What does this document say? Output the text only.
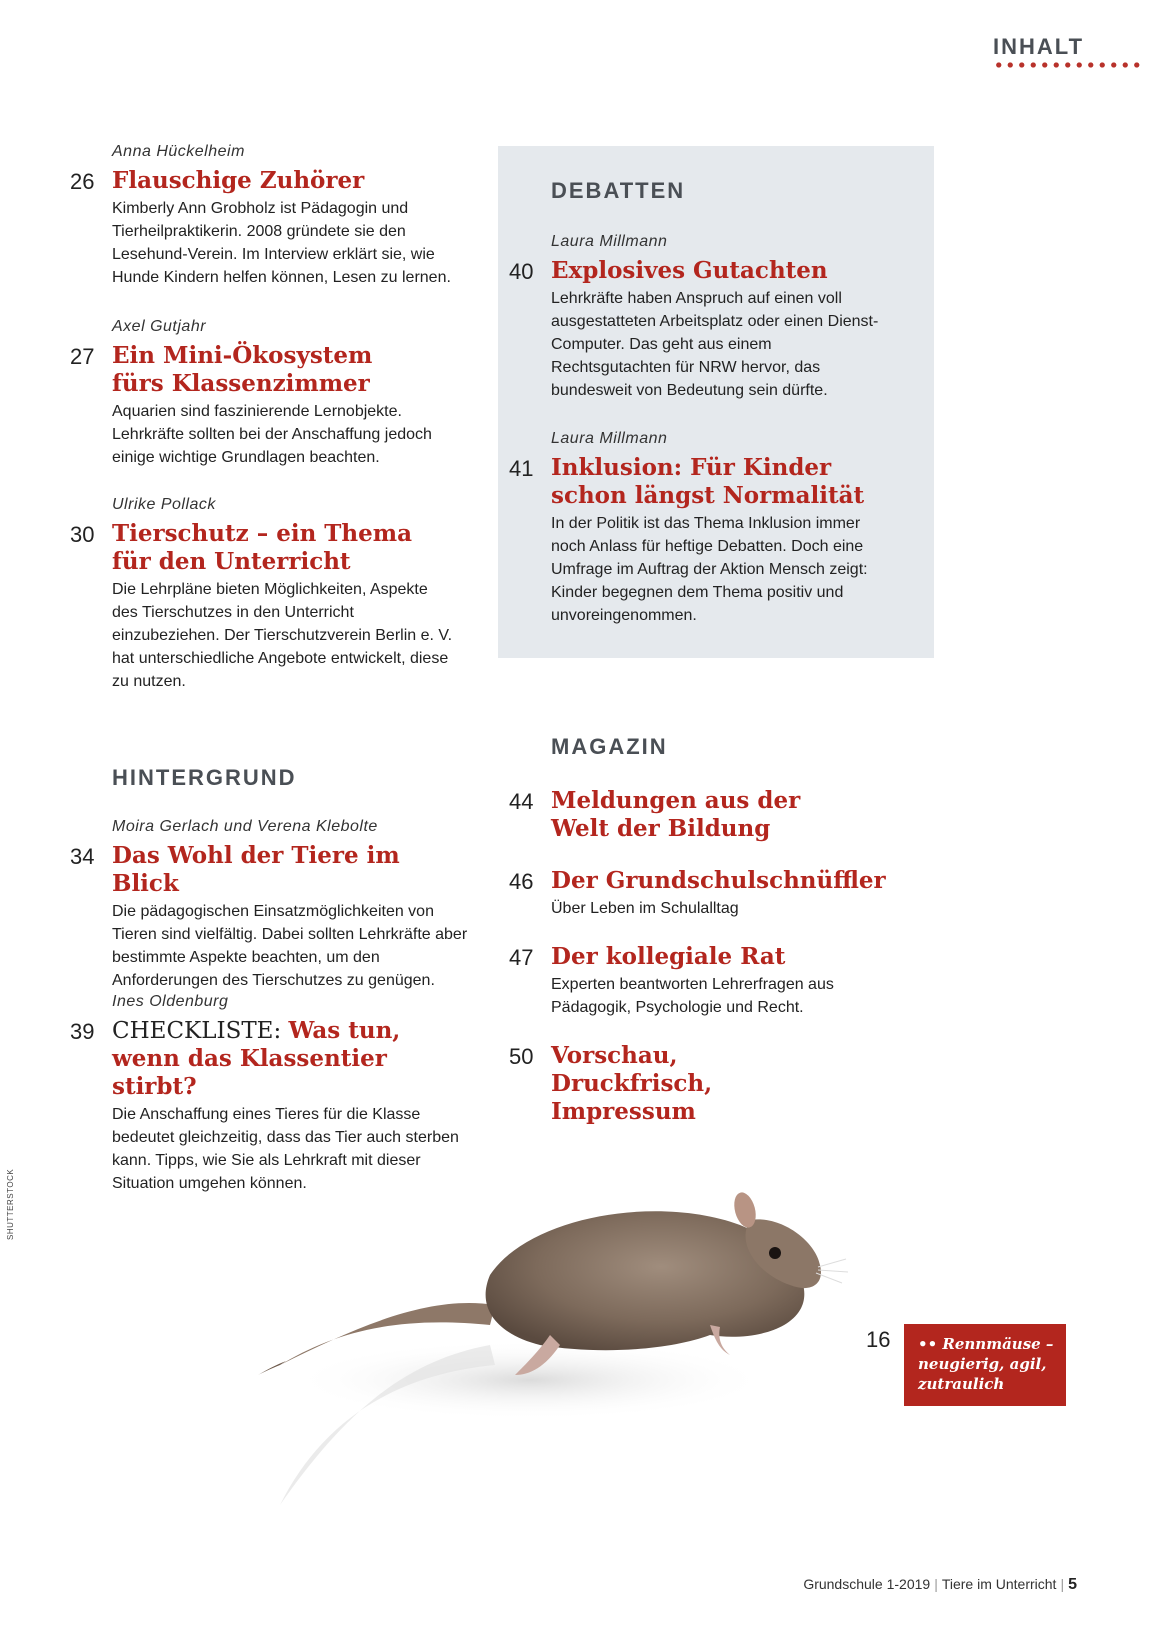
INHALT
Anna Hückelheim
26 Flauschige Zuhörer
Kimberly Ann Grobholz ist Pädagogin und Tierheilpraktikerin. 2008 gründete sie den Lesehund-Verein. Im Interview erklärt sie, wie Hunde Kindern helfen können, Lesen zu lernen.
Axel Gutjahr
27 Ein Mini-Ökosystem fürs Klassenzimmer
Aquarien sind faszinierende Lernobjekte. Lehrkräfte sollten bei der Anschaffung jedoch einige wichtige Grundlagen beachten.
Ulrike Pollack
30 Tierschutz – ein Thema für den Unterricht
Die Lehrpläne bieten Möglichkeiten, Aspekte des Tierschutzes in den Unterricht einzubeziehen. Der Tierschutzverein Berlin e. V. hat unterschiedliche Angebote entwickelt, diese zu nutzen.
HINTERGRUND
Moira Gerlach und Verena Klebolte
34 Das Wohl der Tiere im Blick
Die pädagogischen Einsatzmöglichkeiten von Tieren sind vielfältig. Dabei sollten Lehrkräfte aber bestimmte Aspekte beachten, um den Anforderungen des Tierschutzes zu genügen.
Ines Oldenburg
39 CHECKLISTE: Was tun, wenn das Klassentier stirbt?
Die Anschaffung eines Tieres für die Klasse bedeutet gleichzeitig, dass das Tier auch sterben kann. Tipps, wie Sie als Lehrkraft mit dieser Situation umgehen können.
DEBATTEN
Laura Millmann
40 Explosives Gutachten
Lehrkräfte haben Anspruch auf einen voll ausgestatteten Arbeitsplatz oder einen Dienst-Computer. Das geht aus einem Rechtsgutachten für NRW hervor, das bundesweit von Bedeutung sein dürfte.
Laura Millmann
41 Inklusion: Für Kinder schon längst Normalität
In der Politik ist das Thema Inklusion immer noch Anlass für heftige Debatten. Doch eine Umfrage im Auftrag der Aktion Mensch zeigt: Kinder begegnen dem Thema positiv und unvoreingenommen.
MAGAZIN
44 Meldungen aus der Welt der Bildung
46 Der Grundschulschnüffler
Über Leben im Schulalltag
47 Der kollegiale Rat
Experten beantworten Lehrerfragen aus Pädagogik, Psychologie und Recht.
50 Vorschau, Druckfrisch, Impressum
SHUTTERSTOCK
16	•• Rennmäuse – neugierig, agil, zutraulich
Grundschule 1-2019 | Tiere im Unterricht | 5
